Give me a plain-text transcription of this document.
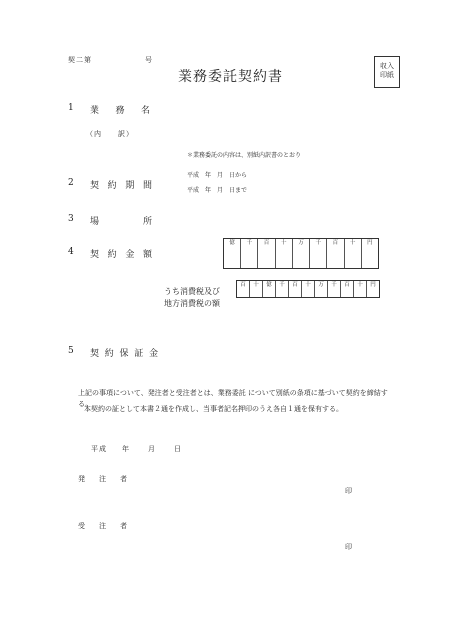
契二第	号
業務委託契約書
収入
印紙
1 業 務 名
（内　　訳）
＊業務委託の内容は、別紙内訳書のとおり
2 契 約 期 間
平成　年　月　日から
平成　年　月　日まで
3 場	所
4 契 約 金 額
億	千	百	十	万	千	百	十	円
うち消費税及び
地方消費税の額
百	十	億	千	百	十	万	千	百	十	円
5 契 約 保 証 金
上記の事項について、発注者と受注者とは、業務委託 について別紙の条項に基づいて契約を締結する。
本契約の証として本書２通を作成し、当事者記名押印のうえ各自１通を保有する。
平成 年	月	日
発 注 者
印
受 注 者
印
